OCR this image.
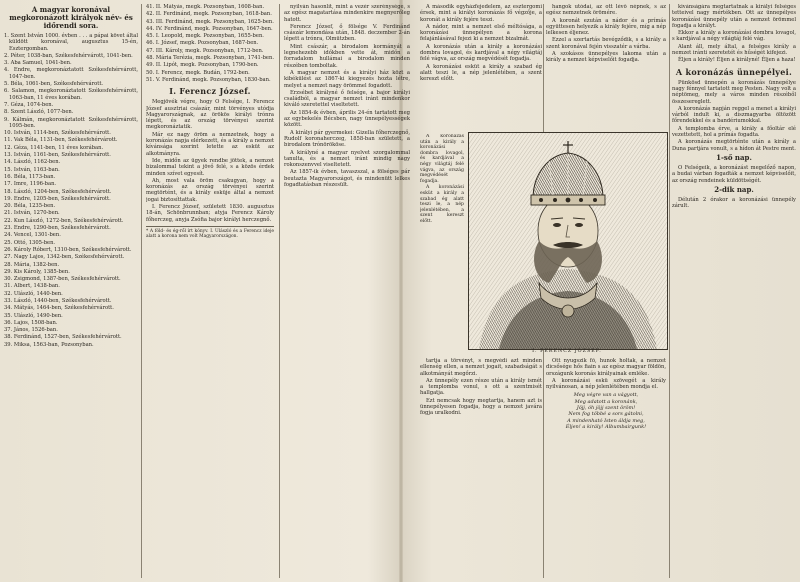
A magyar koronával megkoronázott királyok név- és időrendi sora.

1. Szent István 1000. évben . . . a pápai követ által küldött koronával, augusztus 15-én, Esztergomban.

2. Péter, 1038-ban, Székesfehérvárott, 1041-ben.

3. Aba Samuel, 1041-ben.

4. Endre, megkoronáztatott Székesfehérvárott, 1047-ben.

5. Béla, 1061-ben, Székesfehérvárott.

6. Salamon, megkoronáztatott Székesfehérvárott, 1063-ban, 11 éves korában.

7. Géza, 1074-ben.

8. Szent László, 1077-ben.

9. Kálmán, megkoronáztatott Székesfehérvárott, 1095-ben.

10. István, 1114-ben, Székesfehérvárott.

11. Vak Béla, 1131-ben, Székesfehérvárott.

12. Géza, 1141-ben, 11 éves korában.

13. István, 1161-ben, Székesfehérvárott.

14. László, 1162-ben.

15. István, 1163-ban.

16. Béla, 1173-ban.

17. Imre, 1196-ban.

18. László, 1204-ben, Székesfehérvárott.

19. Endre, 1205-ben, Székesfehérvárott.

20. Béla, 1235-ben.

21. István, 1270-ben.

22. Kun László, 1272-ben, Székesfehérvárott.

23. Endre, 1290-ben, Székesfehérvárott.

24. Vencel, 1301-ben.

25. Ottó, 1305-ben.

26. Károly Róbert, 1310-ben, Székesfehérvárott.

27. Nagy Lajos, 1342-ben, Székesfehérvárott.

28. Mária, 1382-ben.

29. Kis Károly, 1385-ben.

30. Zsigmond, 1387-ben, Székesfehérvárott.

31. Albert, 1438-ban.

32. Ulászló, 1440-ben.

33. László, 1440-ben, Székesfehérvárott.

34. Mátyás, 1464-ben, Székesfehérvárott.

35. Ulászló, 1490-ben.

36. Lajos, 1508-ban.

37. János, 1526-ban.

38. Ferdinánd, 1527-ben, Székesfehérvárott.

39. Miksa, 1563-ban, Pozsonyban.

41. II. Mátyás, megk. Pozsonyban, 1608-ban.

42. II. Ferdinánd, megk. Pozsonyban, 1618-ban.

43. III. Ferdinánd, megk. Pozsonyban, 1625-ben.

44. IV. Ferdinánd, megk. Pozsonyban, 1647-ben.

45. I. Leopold, megk. Pozsonyban, 1655-ben.

46. I. József, megk. Pozsonyban, 1687-ben.

47. III. Károly, megk. Pozsonyban, 1712-ben.

48. Mária Terézia, megk. Pozsonyban, 1741-ben.

49. II. Lipót, megk. Pozsonyban, 1790-ben.

50. I. Ferencz, megk. Budán, 1792-ben.

51. V. Ferdinánd, megk. Pozsonyban, 1830-ban.

I. Ferencz József.

Megjövék végre, hogy O Felsége, I. Ferencz József ausztriai császár, mint törvényes utódja Magyarországnak, az örökös királyi trónra lépett, és az ország törvényei szerint megkoronáztatik.

Már ez nagy öröm a nemzetnek, hogy a koronázás napja elérkezett, és a király a nemzet kívánsága szerint letette az esküt az alkotmányra.

Ide, midőn az ügyek rendbe jöttek, a nemzet bizalommal tekint a jövő felé, s a közös érdek minden szívet egyesít.

Ah, most vala öröm csakugyan, hogy a koronázás az ország törvényei szerint megtörtént, és a király esküje által a nemzet jogai biztosíttattak.

I. Ferencz József, született 1830. augusztus 18-án, Schönbrunnban; atyja Ferencz Károly főherczeg, anyja Zsófia bajor királyi herczegnő.

* A föld- és ég-ről írt könyv. I. Ulászló és a Ferencz ideje alatt a korona nem volt Magyarországon.

nyilván hasonlít, mint a vezér szerénysége, s az egész magatartása mindenkire megnyerőleg hatott.

Ferencz József, ő fölsége V. Ferdinánd császár lemondása után, 1848. deczember 2-án lépett a trónra, Olmützben.

Mint császár, a birodalom kormányát a legnehezebb időkben vette át, midőn a forradalom hullámai a birodalom minden részében tomboltak.

A magyar nemzet és a királyi ház közt a kibékülést az 1867-ki kiegyezés hozta létre, melyet a nemzet nagy örömmel fogadott.

Erzsébet királyné ő felsége, a bajor királyi családból, a magyar nemzet iránt mindenkor kiváló szeretettel viseltetett.

Az 1854-ik évben, április 24-én tartatott meg az egybekelés Bécsben, nagy ünnepélyességek között.

A királyi pár gyermekei: Gizella főherczegnő, Rudolf koronaherczeg, 1858-ban született, a birodalom trónörököse.

A királyné a magyar nyelvet szorgalommal tanulta, és a nemzet iránt mindig nagy rokonszenvvel viseltetett.

Az 1857-ik évben, tavaszszal, a fölséges pár beutazta Magyarországot, és mindenütt lelkes fogadtatásban részesült.

A második egyházfejedelem, az esztergomi érsek, mint a királyi koronázás fő végzője, a koronát a király fejére teszi.

A nádor, mint a nemzet első méltósága, a koronázási ünnepélyen a korona felajánlásával fejezi ki a nemzet bizalmát.

A koronázás után a király a koronázási dombra lovagol, és kardjával a négy világtáj felé vágva, az ország megvédését fogadja.

A koronázási esküt a király a szabad ég alatt teszi le, a nép jelenlétében, a szent kereszt előtt.

A koronázás után a király a koronázási dombra lovagol, és kardjával a négy világtáj felé vágva, az ország megvédését fogadja.

A koronázási esküt a király a szabad ég alatt teszi le, a nép jelenlétében, a szent kereszt előtt.

I. FERENCZ JÓZSEF.

tartja a törvényt, s megvédi azt minden ellenség ellen, a nemzet jogait, szabadságát s alkotmányát megőrzi.

Az ünnepély ezen része után a király ismét a templomba vonul, s ott a szentmisét hallgatja.

Ezt nemcsak hogy megtartja, hanem azt is ünnepélyesen fogadja, hogy a nemzet javára fogja uralkodni.

hangok utódai, az ott lévő népnek, s az egész nemzetnek örömére.

A koronát ezután a nádor és a prímás együttesen helyezik a király fejére, míg a nép lelkesen éljenez.

Ezzel a szertartás bevégződik, s a király a szent koronával fején visszatér a várba.

A szokásos ünnepélyes lakoma után a király a nemzet képviselőit fogadja.

Ott nyugszik fő, hunok holtak, a nemzet dicsősége hős fiain s az egész magyar földön, országunk koronás királyainak emléke.

A koronázási eskü szövegét a király nyilvánosan, a nép jelenlétében mondja el.

Meg végre van a vágyott,
Meg adatott a koronánk,
Jöjj, óh jöjj szent öröm!
Nem fog többé a sors gátolni,
A mindenható Isten áldja meg,
Éljen! a király! Albumbairgunk!

kivánságára megtartatnak a királyi felséges tetteivel nagy mértékben. Ott az ünnepélyes koronázási ünnepély után a nemzet örömmel fogadja a királyt.

Ekkor a király a koronázási dombra lovagol, s kardjával a négy világtáj felé vág.

Alant áll, mely által, a felséges király a nemzet iránti szeretetét és hűségét kifejezi.

Éljen a király! Éljen a királyné! Éljen a haza!

A koronázás ünnepélyei.

Pünkösd ünnepén a koronázás ünnepélye nagy fénnyel tartatott meg Pesten. Nagy volt a néptömeg, mely a város minden részéből összesereglett.

A koronázás napján reggel a menet a királyi várból indult ki, a díszmagyarba öltözött főrendekkel és a bandériumokkal.

A templomba érve, a király a főoltár elé vezettetett, hol a prímás fogadta.

A koronázás megtörténte után a király a Duna partjára vonult, s a hídon át Pestre ment.

1-ső nap.

O Felségeik, a koronázást megelőző napon, a budai várban fogadták a nemzet képviselőit, az ország rendeinek küldöttségét.

2-dik nap.

Délután 2 órakor a koronázási ünnepély zárult.
